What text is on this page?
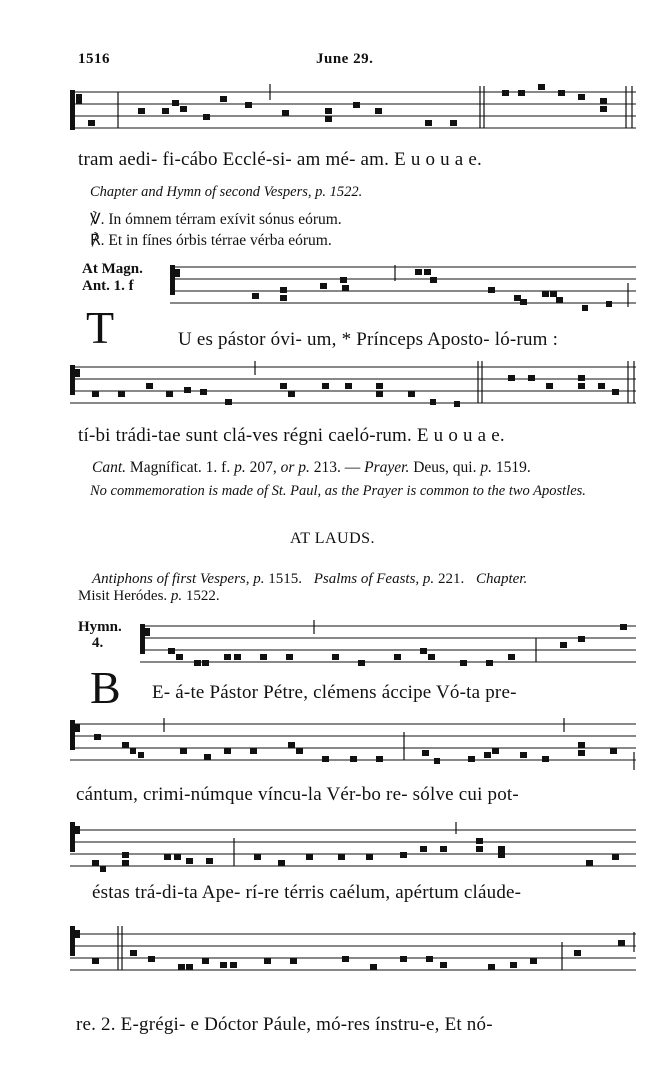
1516	June 29.
tram aedi- fi-cábo Ecclé-si- am mé- am. E u o u a e.
Chapter and Hymn of second Vespers, p. 1522.
℣. In ómnem térram exívit sónus eórum.
℟. Et in fínes órbis térrae vérba eórum.
At Magn.
Ant. 1. f
T	U es pástor óvi- um, * Prínceps Aposto- ló-rum :
tí-bi trádi-tae sunt clá-ves régni caeló-rum. E u o u a e.
Cant. Magníficat. 1. f. p. 207, or p. 213. — Prayer. Deus, qui. p. 1519.
No commemoration is made of St. Paul, as the Prayer is common to the two Apostles.
AT LAUDS.
Antiphons of first Vespers, p. 1515. Psalms of Feasts, p. 221. Chapter.
Misit Heródes. p. 1522.
Hymn.
4.
B E- á-te Pástor Pétre, clémens áccipe Vó-ta pre-
cántum, crimi-númque víncu-la Vér-bo re- sólve cui pot-
éstas trá-di-ta Ape- rí-re térris caélum, apértum cláude-
re. 2. E-grégi- e Dóctor Páule, mó-res ínstru-e, Et nó-
